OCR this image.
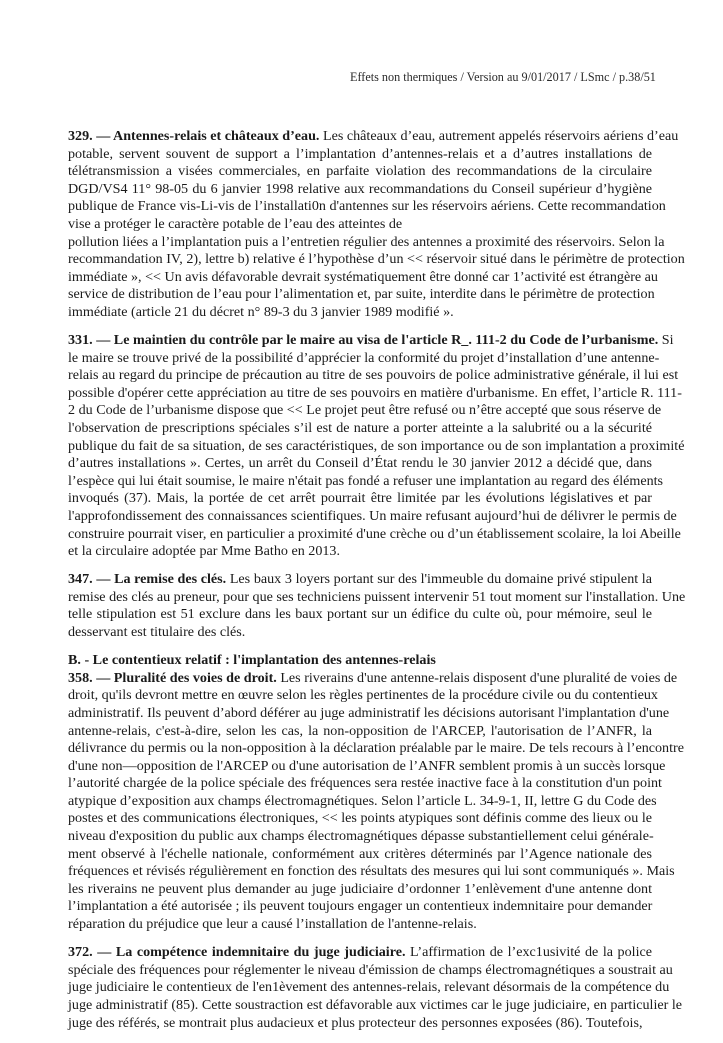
Effets non thermiques / Version au 9/01/2017 / LSmc / p.38/51
329. — Antennes-relais et châteaux d’eau. Les châteaux d’eau, autrement appelés réservoirs aériens d’eau
potable, servent souvent de support a l’implantation d’antennes-relais et a d’autres installations de
télétransmission a visées commerciales, en parfaite violation des recommandations de la circulaire
DGD/VS4 11° 98-05 du 6 janvier 1998 relative aux recommandations du Conseil supérieur d’hygiène
publique de France vis-Li-vis de l’installati0n d'antennes sur les réservoirs aériens. Cette recommandation
vise a protéger le caractère potable de l’eau des atteintes de
pollution liées a l’implantation puis a l’entretien régulier des antennes a proximité des réservoirs. Selon la
recommandation IV, 2), lettre b) relative é l’hypothèse d’un << réservoir situé dans le périmètre de protection
immédiate », << Un avis défavorable devrait systématiquement être donné car 1’activité est étrangère au
service de distribution de l’eau pour l’alimentation et, par suite, interdite dans le périmètre de protection
immédiate (article 21 du décret n° 89-3 du 3 janvier 1989 modifié ».
331. — Le maintien du contrôle par le maire au visa de l'article R_. 111-2 du Code de l’urbanisme. Si
le maire se trouve privé de la possibilité d’apprécier la conformité du projet d’installation d’une antenne-
relais au regard du principe de précaution au titre de ses pouvoirs de police administrative générale, il lui est
possible d'opérer cette appréciation au titre de ses pouvoirs en matière d'urbanisme. En effet, l’article R. 111-
2 du Code de l’urbanisme dispose que << Le projet peut être refusé ou n’être accepté que sous réserve de
l'observation de prescriptions spéciales s’il est de nature a porter atteinte a la salubrité ou a la sécurité
publique du fait de sa situation, de ses caractéristiques, de son importance ou de son implantation a proximité
d’autres installations ». Certes, un arrêt du Conseil d’État rendu le 30 janvier 2012 a décidé que, dans
l’espèce qui lui était soumise, le maire n'était pas fondé a refuser une implantation au regard des éléments
invoqués (37). Mais, la portée de cet arrêt pourrait être limitée par les évolutions législatives et par
l'approfondissement des connaissances scientifiques. Un maire refusant aujourd’hui de délivrer le permis de
construire pourrait viser, en particulier a proximité d'une crèche ou d’un établissement scolaire, la loi Abeille
et la circulaire adoptée par Mme Batho en 2013.
347. — La remise des clés. Les baux 3 loyers portant sur des l'immeuble du domaine privé stipulent la
remise des clés au preneur, pour que ses techniciens puissent intervenir 51 tout moment sur l'installation. Une
telle stipulation est 51 exclure dans les baux portant sur un édifice du culte où, pour mémoire, seul le
desservant est titulaire des clés.
B. - Le contentieux relatif : l'implantation des antennes-relais
358. — Pluralité des voies de droit. Les riverains d'une antenne-relais disposent d'une pluralité de voies de
droit, qu'ils devront mettre en œuvre selon les règles pertinentes de la procédure civile ou du contentieux
administratif. Ils peuvent d’abord déférer au juge administratif les décisions autorisant l'implantation d'une
antenne-relais, c'est-à-dire, selon les cas, la non-opposition de l'ARCEP, l'autorisation de l’ANFR, la
délivrance du permis ou la non-opposition à la déclaration préalable par le maire. De tels recours à l’encontre
d'une non—opposition de l'ARCEP ou d'une autorisation de l’ANFR semblent promis à un succès lorsque
l’autorité chargée de la police spéciale des fréquences sera restée inactive face à la constitution d'un point
atypique d’exposition aux champs électromagnétiques. Selon l’article L. 34-9-1, II, lettre G du Code des
postes et des communications électroniques, << les points atypiques sont définis comme des lieux ou le
niveau d'exposition du public aux champs électromagnétiques dépasse substantiellement celui générale-
ment observé à l'échelle nationale, conformément aux critères déterminés par l’Agence nationale des
fréquences et révisés régulièrement en fonction des résultats des mesures qui lui sont communiqués ». Mais
les riverains ne peuvent plus demander au juge judiciaire d’ordonner 1’enlèvement d'une antenne dont
l’implantation a été autorisée ; ils peuvent toujours engager un contentieux indemnitaire pour demander
réparation du préjudice que leur a causé l’installation de l'antenne-relais.
372. — La compétence indemnitaire du juge judiciaire. L’affirmation de l’exc1usivité de la police
spéciale des fréquences pour réglementer le niveau d'émission de champs électromagnétiques a soustrait au
juge judiciaire le contentieux de l'en1èvement des antennes-relais, relevant désormais de la compétence du
juge administratif (85). Cette soustraction est défavorable aux victimes car le juge judiciaire, en particulier le
juge des référés, se montrait plus audacieux et plus protecteur des personnes exposées (86). Toutefois,
